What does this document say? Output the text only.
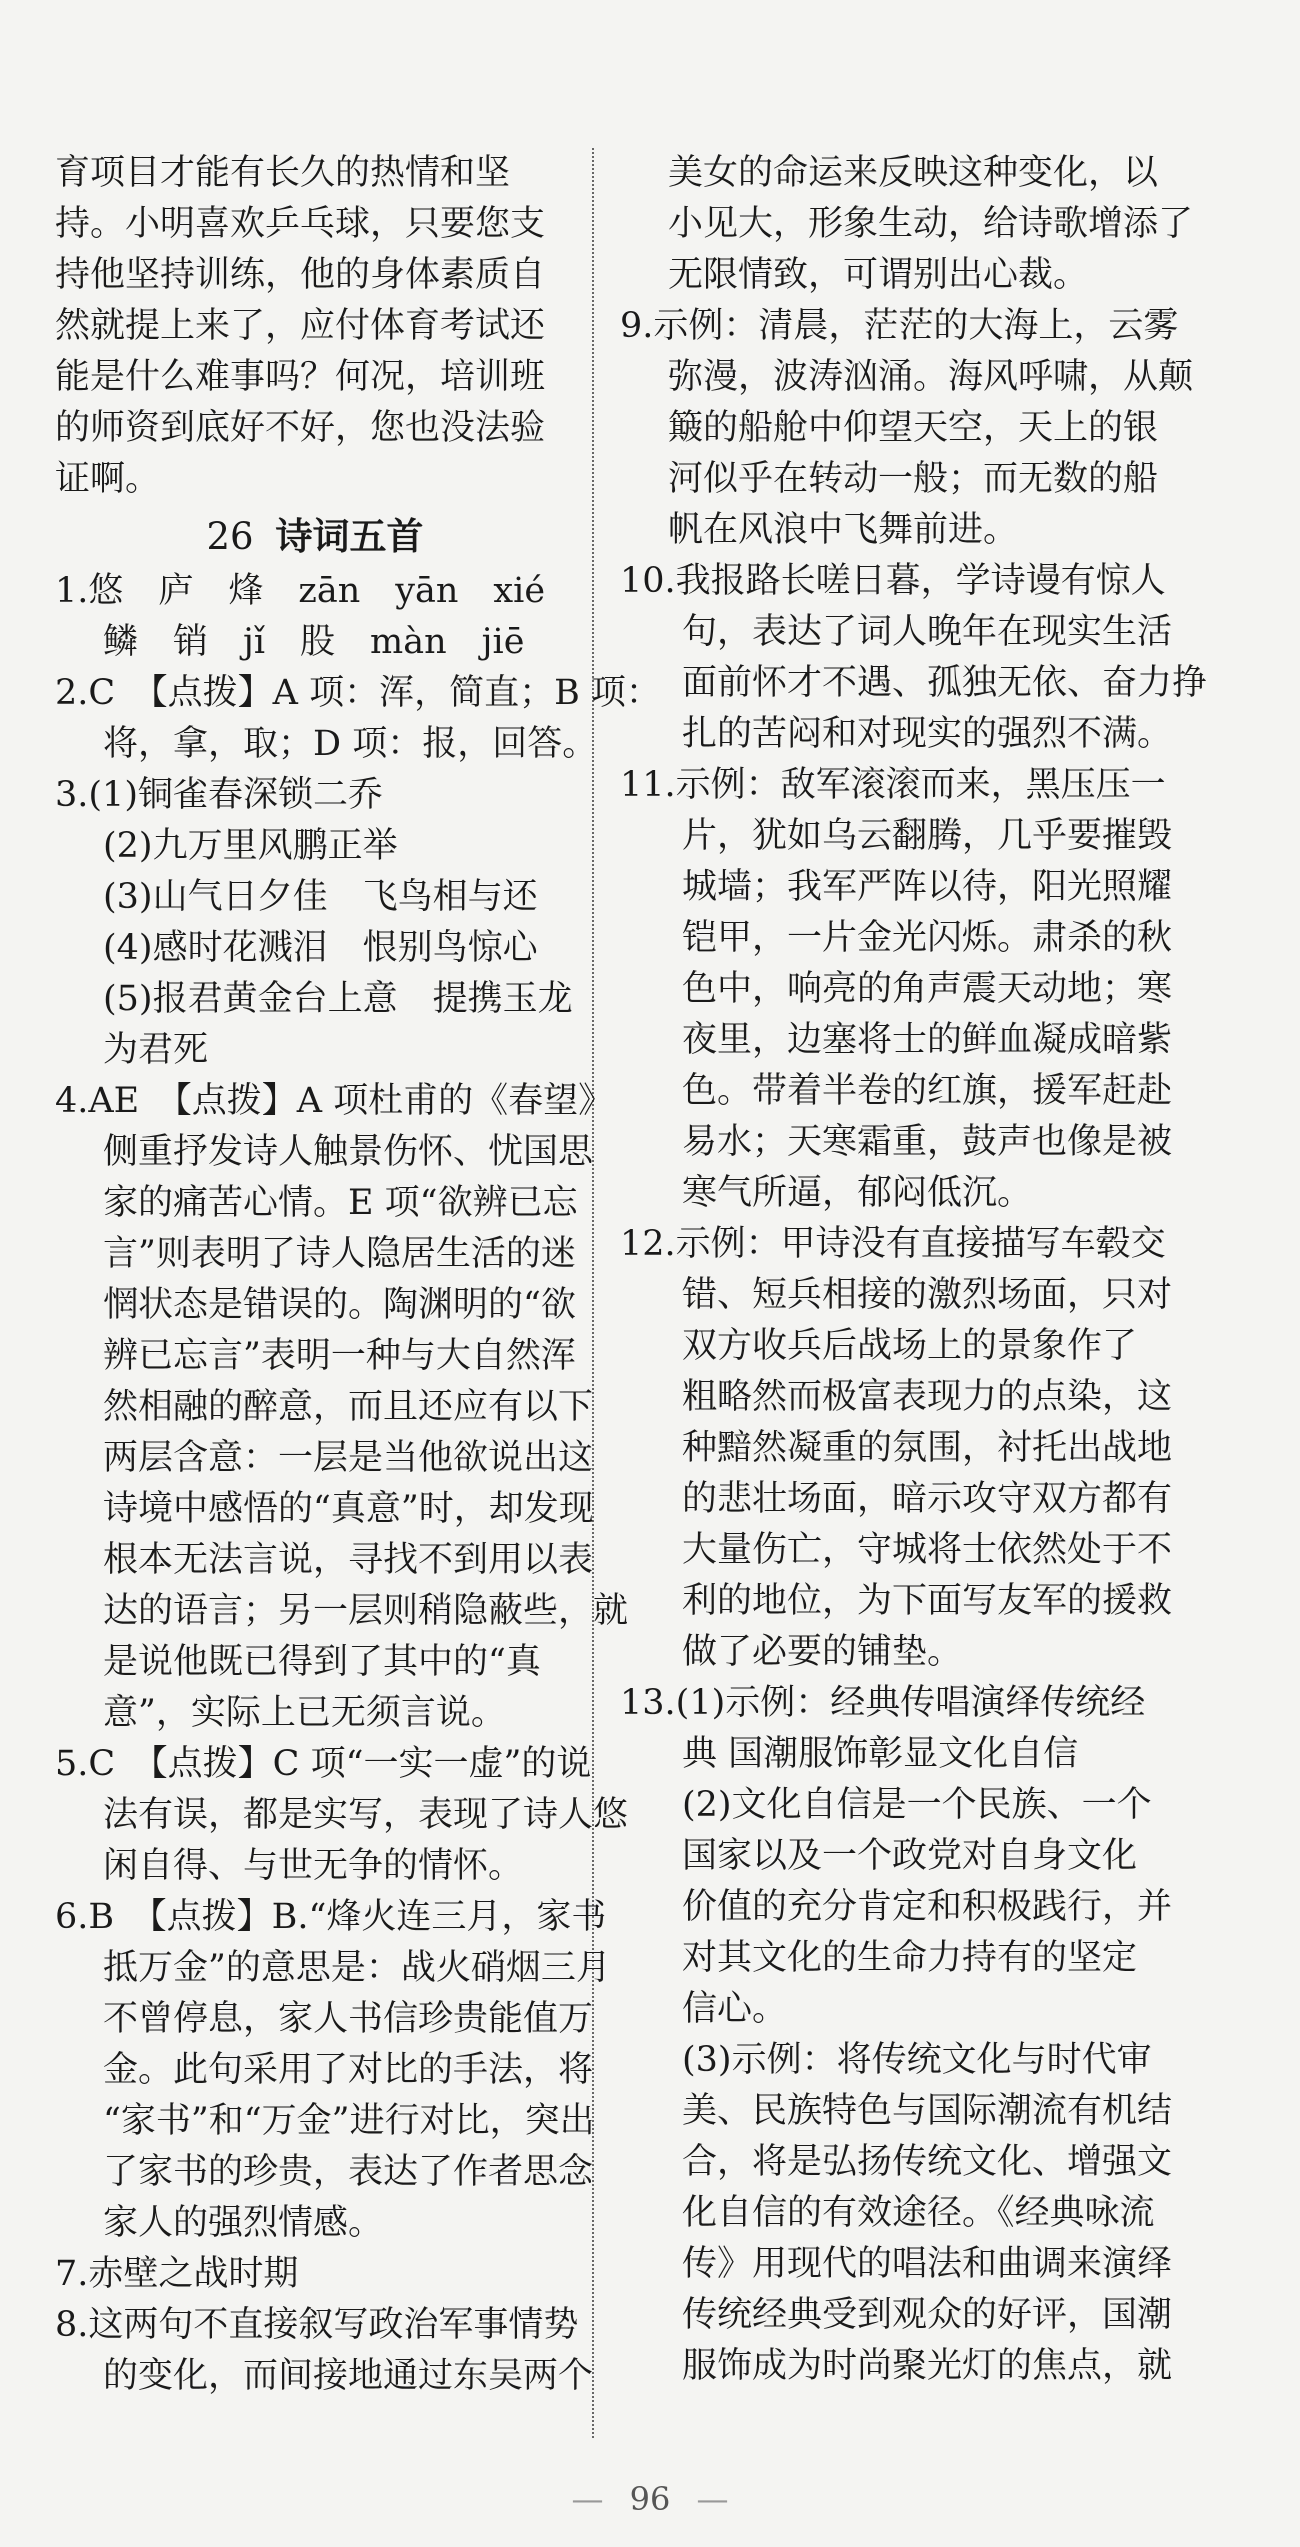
育项目才能有长久的热情和坚

持。小明喜欢乒乓球，只要您支

持他坚持训练，他的身体素质自

然就提上来了，应付体育考试还

能是什么难事吗？何况，培训班

的师资到底好不好，您也没法验

证啊。

26 诗词五首

1.悠　庐　烽　zān　yān　xié

鳞　销　jǐ　股　màn　jiē

2.C　【点拨】A 项：浑，简直；B 项：

将，拿，取；D 项：报，回答。

3.(1)铜雀春深锁二乔

(2)九万里风鹏正举

(3)山气日夕佳　飞鸟相与还

(4)感时花溅泪　恨别鸟惊心

(5)报君黄金台上意　提携玉龙

为君死

4.AE　【点拨】A 项杜甫的《春望》

侧重抒发诗人触景伤怀、忧国思

家的痛苦心情。E 项“欲辨已忘

言”则表明了诗人隐居生活的迷

惘状态是错误的。陶渊明的“欲

辨已忘言”表明一种与大自然浑

然相融的醉意，而且还应有以下

两层含意：一层是当他欲说出这

诗境中感悟的“真意”时，却发现

根本无法言说，寻找不到用以表

达的语言；另一层则稍隐蔽些，就

是说他既已得到了其中的“真

意”，实际上已无须言说。

5.C　【点拨】C 项“一实一虚”的说

法有误，都是实写，表现了诗人悠

闲自得、与世无争的情怀。

6.B　【点拨】B.“烽火连三月，家书

抵万金”的意思是：战火硝烟三月

不曾停息，家人书信珍贵能值万

金。此句采用了对比的手法，将

“家书”和“万金”进行对比，突出

了家书的珍贵，表达了作者思念

家人的强烈情感。

7.赤壁之战时期

8.这两句不直接叙写政治军事情势

的变化，而间接地通过东吴两个

美女的命运来反映这种变化，以

小见大，形象生动，给诗歌增添了

无限情致，可谓别出心裁。

9.示例：清晨，茫茫的大海上，云雾

弥漫，波涛汹涌。海风呼啸，从颠

簸的船舱中仰望天空，天上的银

河似乎在转动一般；而无数的船

帆在风浪中飞舞前进。

10.我报路长嗟日暮，学诗谩有惊人

句，表达了词人晚年在现实生活

面前怀才不遇、孤独无依、奋力挣

扎的苦闷和对现实的强烈不满。

11.示例：敌军滚滚而来，黑压压一

片，犹如乌云翻腾，几乎要摧毁

城墙；我军严阵以待，阳光照耀

铠甲，一片金光闪烁。肃杀的秋

色中，响亮的角声震天动地；寒

夜里，边塞将士的鲜血凝成暗紫

色。带着半卷的红旗，援军赶赴

易水；天寒霜重，鼓声也像是被

寒气所逼，郁闷低沉。

12.示例：甲诗没有直接描写车毂交

错、短兵相接的激烈场面，只对

双方收兵后战场上的景象作了

粗略然而极富表现力的点染，这

种黯然凝重的氛围，衬托出战地

的悲壮场面，暗示攻守双方都有

大量伤亡，守城将士依然处于不

利的地位，为下面写友军的援救

做了必要的铺垫。

13.(1)示例：经典传唱演绎传统经

典 国潮服饰彰显文化自信

(2)文化自信是一个民族、一个

国家以及一个政党对自身文化

价值的充分肯定和积极践行，并

对其文化的生命力持有的坚定

信心。

(3)示例：将传统文化与时代审

美、民族特色与国际潮流有机结

合，将是弘扬传统文化、增强文

化自信的有效途径。《经典咏流

传》用现代的唱法和曲调来演绎

传统经典受到观众的好评，国潮

服饰成为时尚聚光灯的焦点，就

— 96 —
